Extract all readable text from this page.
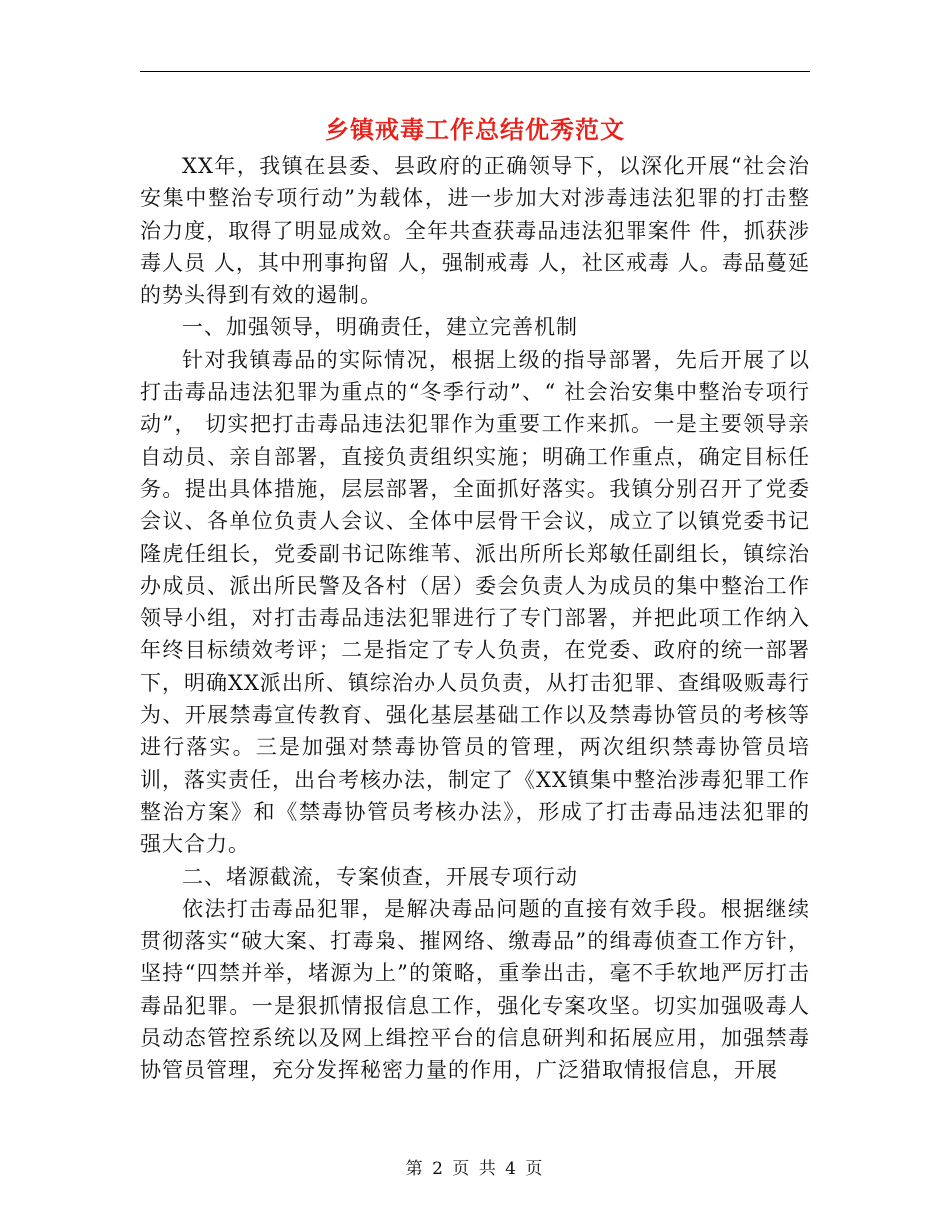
乡镇戒毒工作总结优秀范文

XX年，我镇在县委、县政府的正确领导下，以深化开展“社会治安集中整治专项行动”为载体，进一步加大对涉毒违法犯罪的打击整治力度，取得了明显成效。全年共查获毒品违法犯罪案件 件，抓获涉毒人员 人，其中刑事拘留 人，强制戒毒 人，社区戒毒 人。毒品蔓延的势头得到有效的遏制。

一、加强领导，明确责任，建立完善机制

针对我镇毒品的实际情况，根据上级的指导部署，先后开展了以打击毒品违法犯罪为重点的“冬季行动”、“ 社会治安集中整治专项行动”， 切实把打击毒品违法犯罪作为重要工作来抓。一是主要领导亲自动员、亲自部署，直接负责组织实施；明确工作重点，确定目标任务。提出具体措施，层层部署，全面抓好落实。我镇分别召开了党委会议、各单位负责人会议、全体中层骨干会议，成立了以镇党委书记隆虎任组长，党委副书记陈维苇、派出所所长郑敏任副组长，镇综治办成员、派出所民警及各村（居）委会负责人为成员的集中整治工作领导小组，对打击毒品违法犯罪进行了专门部署，并把此项工作纳入年终目标绩效考评；二是指定了专人负责，在党委、政府的统一部署下，明确XX派出所、镇综治办人员负责，从打击犯罪、查缉吸贩毒行为、开展禁毒宣传教育、强化基层基础工作以及禁毒协管员的考核等进行落实。三是加强对禁毒协管员的管理，两次组织禁毒协管员培训，落实责任，出台考核办法，制定了《XX镇集中整治涉毒犯罪工作整治方案》和《禁毒协管员考核办法》，形成了打击毒品违法犯罪的强大合力。

二、堵源截流，专案侦查，开展专项行动

依法打击毒品犯罪，是解决毒品问题的直接有效手段。根据继续贯彻落实“破大案、打毒枭、摧网络、缴毒品”的缉毒侦查工作方针，坚持“四禁并举，堵源为上”的策略，重拳出击，毫不手软地严厉打击毒品犯罪。一是狠抓情报信息工作，强化专案攻坚。切实加强吸毒人员动态管控系统以及网上缉控平台的信息研判和拓展应用，加强禁毒协管员管理，充分发挥秘密力量的作用，广泛猎取情报信息，开展

第 2 页 共 4 页
